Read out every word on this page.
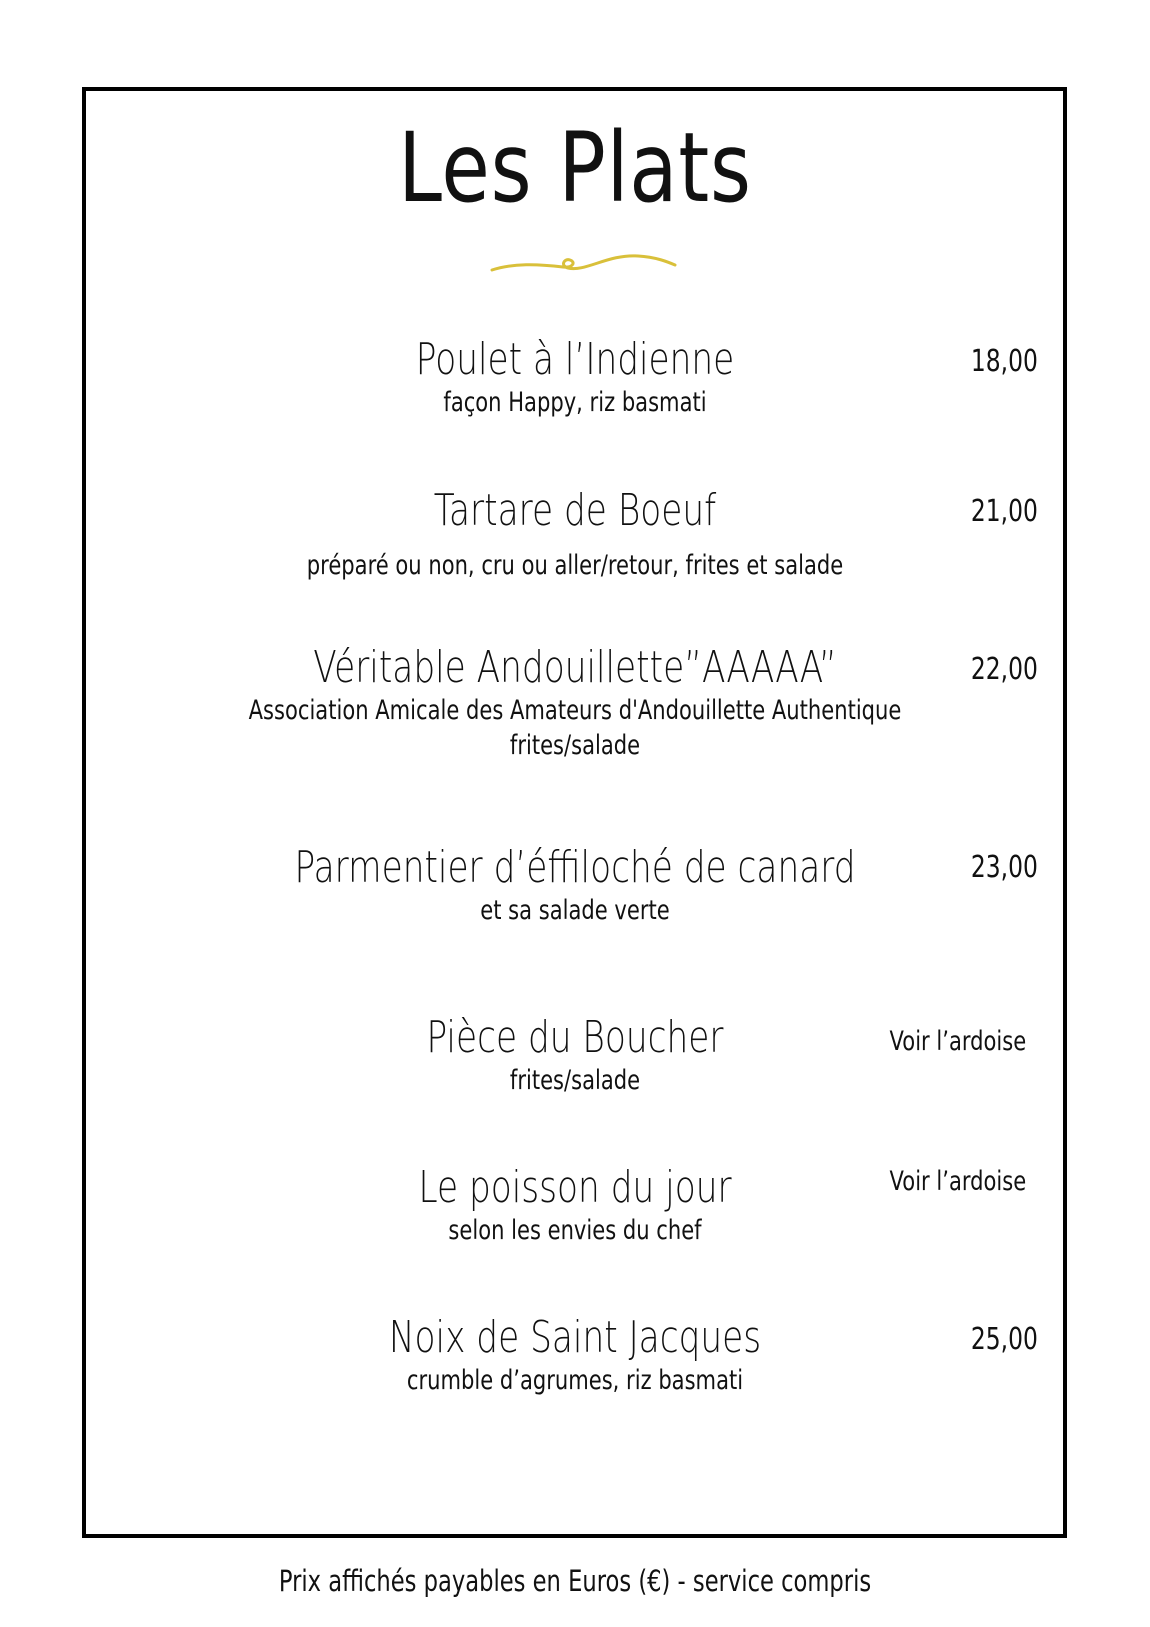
Les Plats
Poulet à l’Indienne
façon Happy, riz basmati
18,00
Tartare de Boeuf
préparé ou non, cru ou aller/retour, frites et salade
21,00
Véritable Andouillette”AAAAA”
Association Amicale des Amateurs d'Andouillette Authentique
frites/salade
22,00
Parmentier d’éffiloché de canard
et sa salade verte
23,00
Pièce du Boucher
frites/salade
Voir l’ardoise
Le poisson du jour
selon les envies du chef
Voir l’ardoise
Noix de Saint Jacques
crumble d’agrumes, riz basmati
25,00
Prix affichés payables en Euros (€) - service compris
